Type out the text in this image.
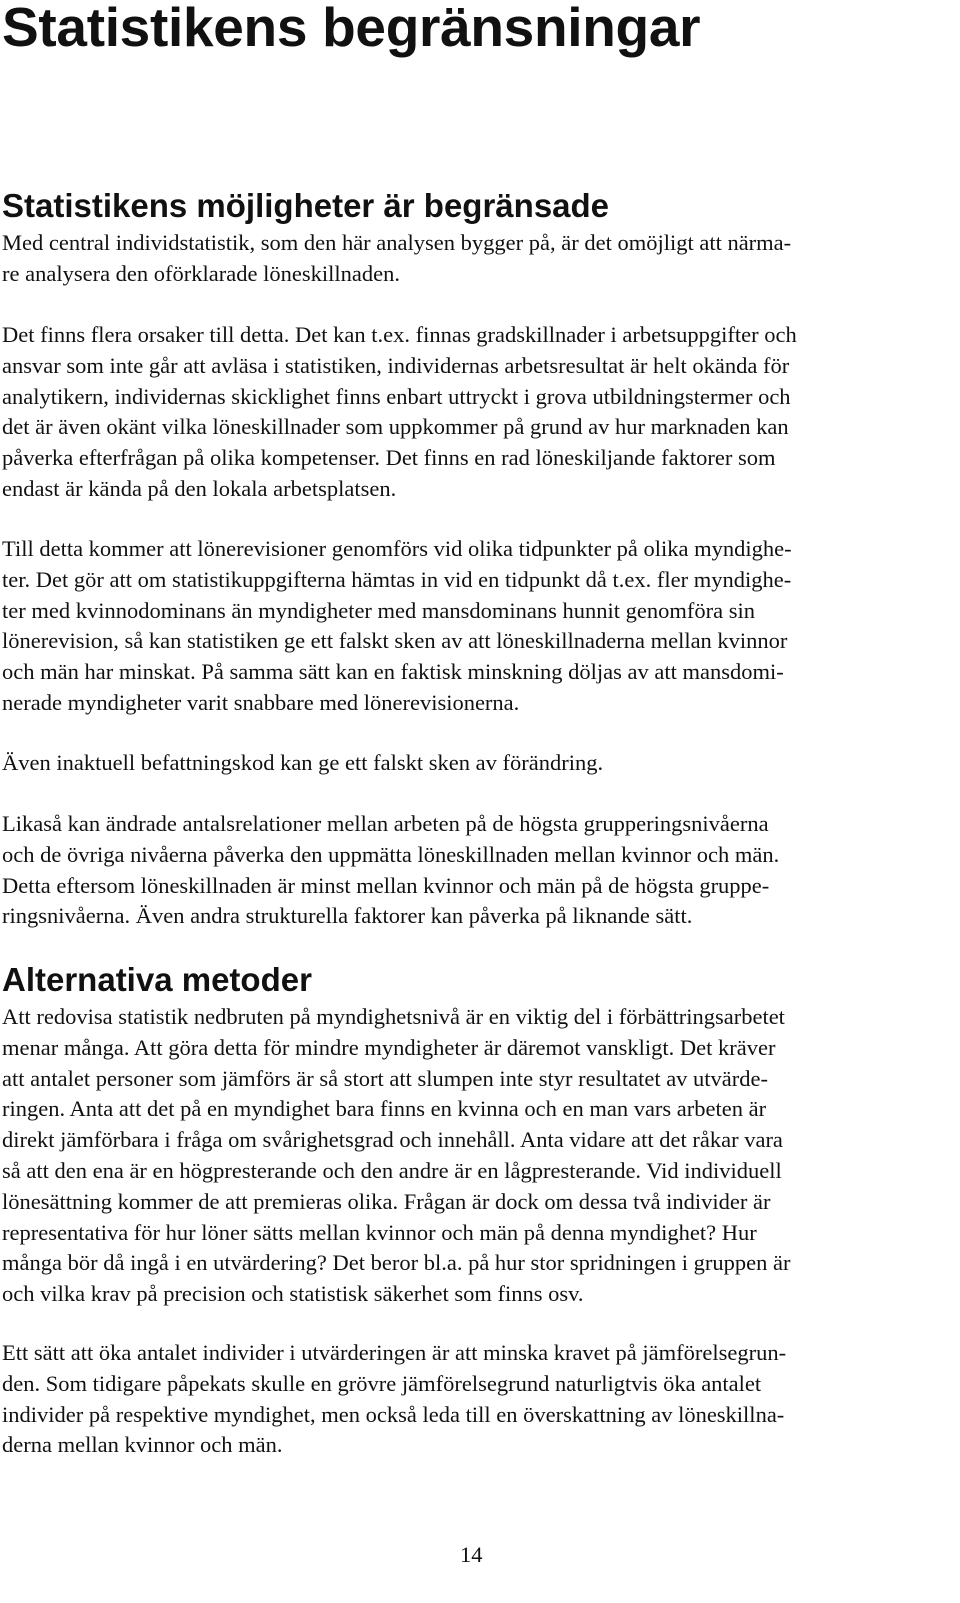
Statistikens begränsningar
Statistikens möjligheter är begränsade

Med central individstatistik, som den här analysen bygger på, är det omöjligt att närma-
re analysera den oförklarade löneskillnaden.

Det finns flera orsaker till detta. Det kan t.ex. finnas gradskillnader i arbetsuppgifter och
ansvar som inte går att avläsa i statistiken, individernas arbetsresultat är helt okända för
analytikern, individernas skicklighet finns enbart uttryckt i grova utbildningstermer och
det är även okänt vilka löneskillnader som uppkommer på grund av hur marknaden kan
påverka efterfrågan på olika kompetenser. Det finns en rad löneskiljande faktorer som
endast är kända på den lokala arbetsplatsen.

Till detta kommer att lönerevisioner genomförs vid olika tidpunkter på olika myndighe-
ter. Det gör att om statistikuppgifterna hämtas in vid en tidpunkt då t.ex. fler myndighe-
ter med kvinnodominans än myndigheter med mansdominans hunnit genomföra sin
lönerevision, så kan statistiken ge ett falskt sken av att löneskillnaderna mellan kvinnor
och män har minskat. På samma sätt kan en faktisk minskning döljas av att mansdomi-
nerade myndigheter varit snabbare med lönerevisionerna.

Även inaktuell befattningskod kan ge ett falskt sken av förändring.

Likaså kan ändrade antalsrelationer mellan arbeten på de högsta grupperingsnivåerna
och de övriga nivåerna påverka den uppmätta löneskillnaden mellan kvinnor och män.
Detta eftersom löneskillnaden är minst mellan kvinnor och män på de högsta gruppe-
ringsnivåerna. Även andra strukturella faktorer kan påverka på liknande sätt.

Alternativa metoder

Att redovisa statistik nedbruten på myndighetsnivå är en viktig del i förbättringsarbetet
menar många. Att göra detta för mindre myndigheter är däremot vanskligt. Det kräver
att antalet personer som jämförs är så stort att slumpen inte styr resultatet av utvärde-
ringen. Anta att det på en myndighet bara finns en kvinna och en man vars arbeten är
direkt jämförbara i fråga om svårighetsgrad och innehåll. Anta vidare att det råkar vara
så att den ena är en högpresterande och den andre är en lågpresterande. Vid individuell
lönesättning kommer de att premieras olika. Frågan är dock om dessa två individer är
representativa för hur löner sätts mellan kvinnor och män på denna myndighet? Hur
många bör då ingå i en utvärdering? Det beror bl.a. på hur stor spridningen i gruppen är
och vilka krav på precision och statistisk säkerhet som finns osv.

Ett sätt att öka antalet individer i utvärderingen är att minska kravet på jämförelsegrun-
den. Som tidigare påpekats skulle en grövre jämförelsegrund naturligtvis öka antalet
individer på respektive myndighet, men också leda till en överskattning av löneskillna-
derna mellan kvinnor och män.

14
